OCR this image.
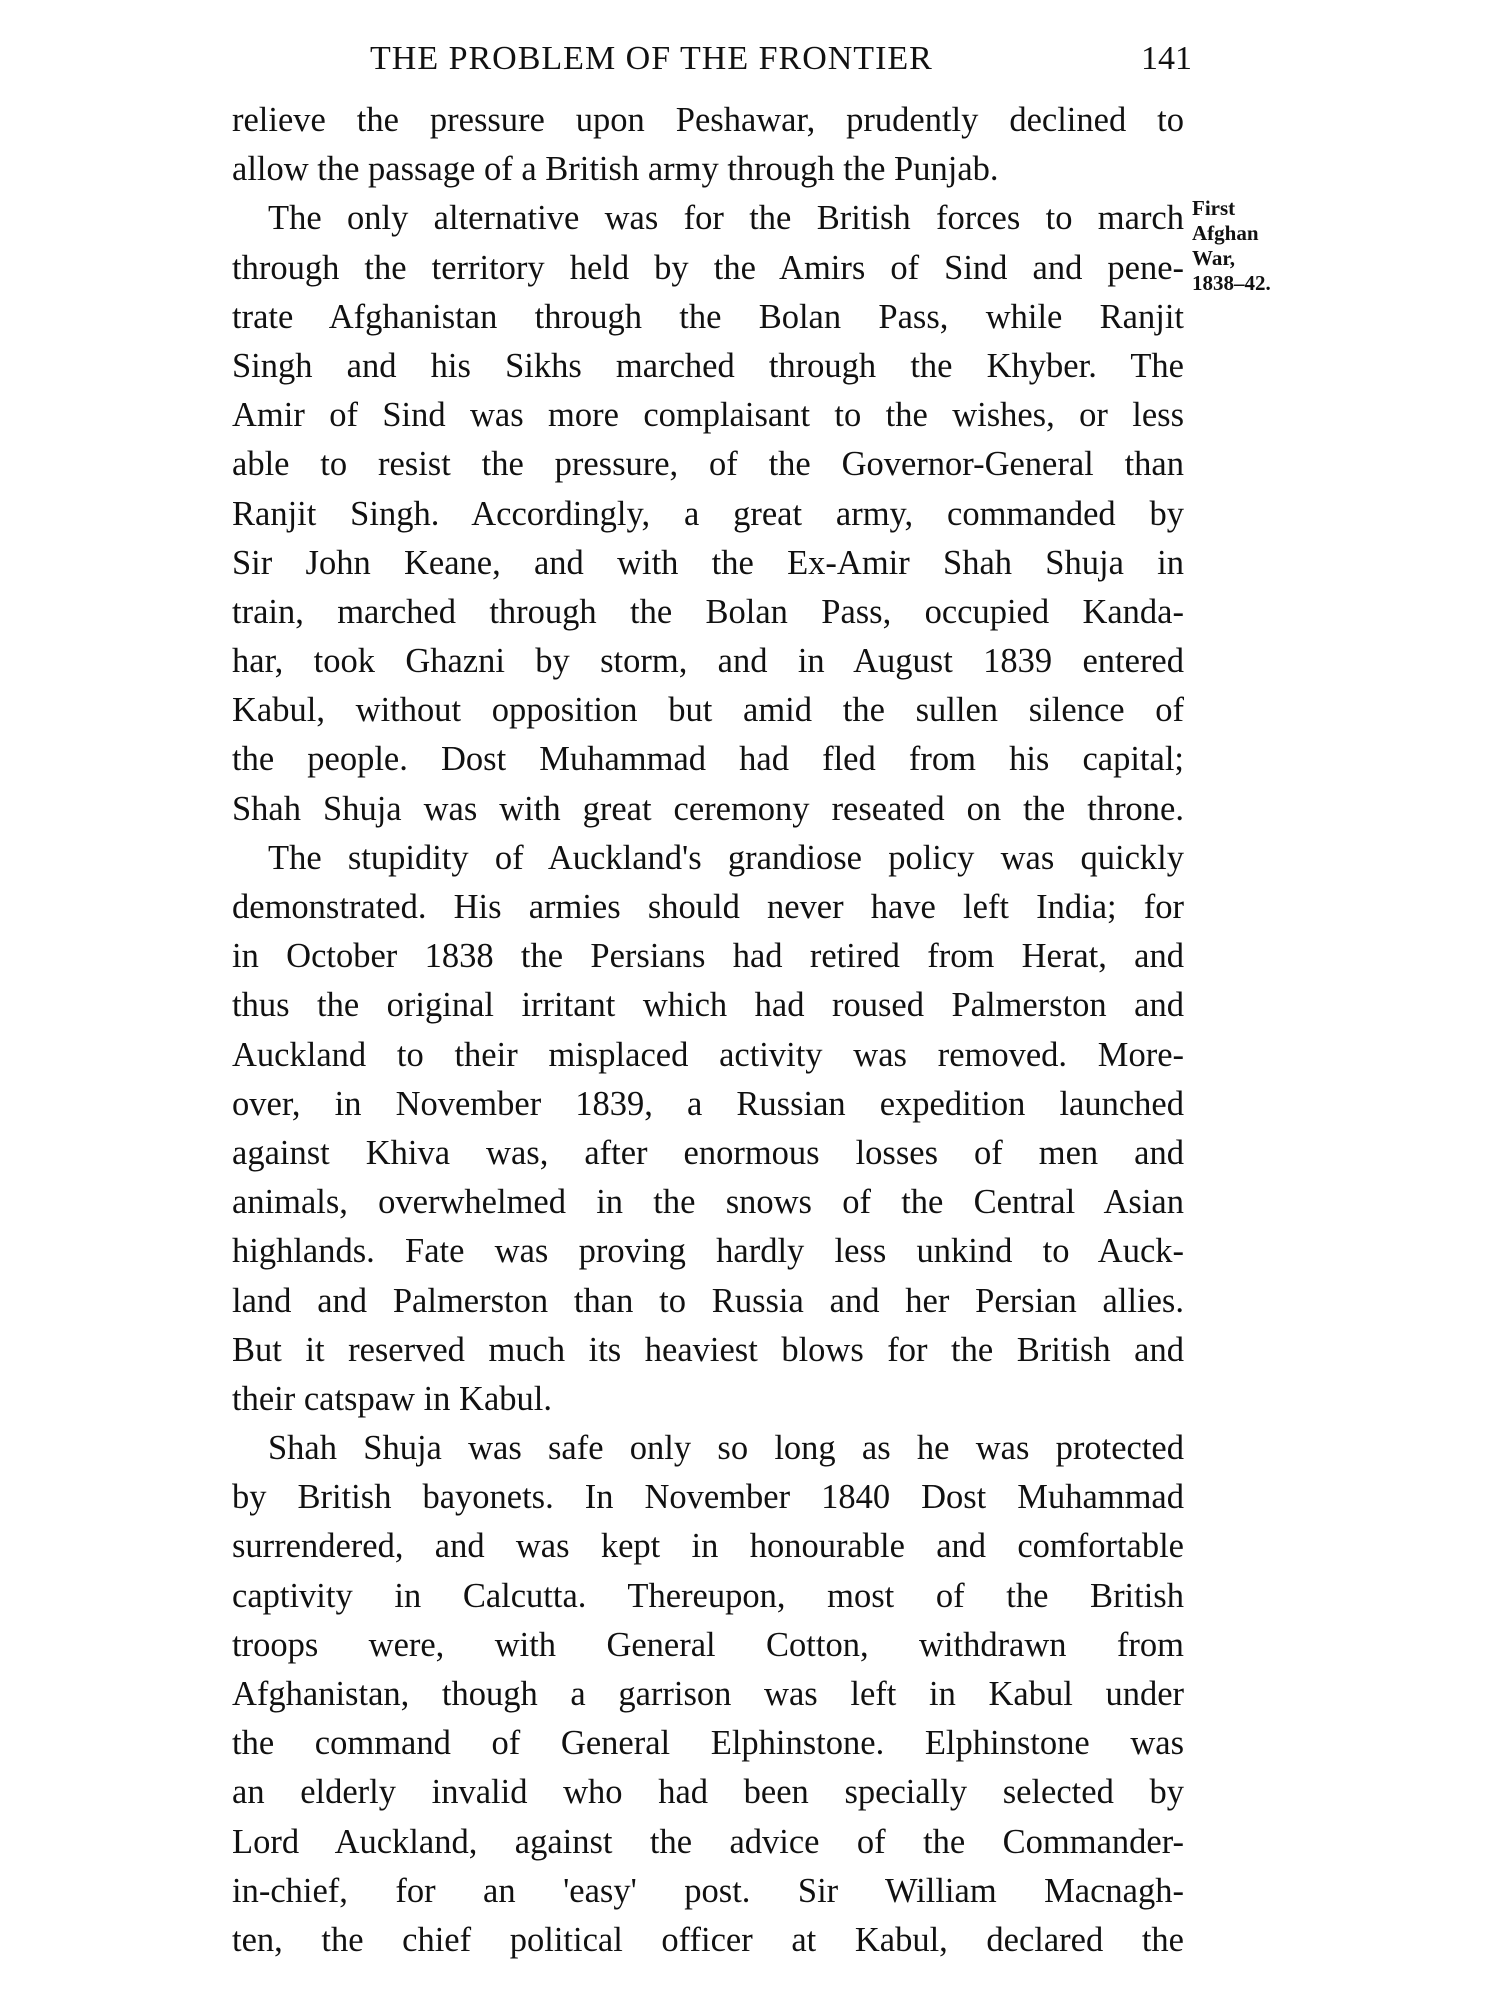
THE PROBLEM OF THE FRONTIER	141
First
Afghan
War,
1838–42.
relieve the pressure upon Peshawar, prudently declined to
allow the passage of a British army through the Punjab.
The only alternative was for the British forces to march
through the territory held by the Amirs of Sind and pene-
trate Afghanistan through the Bolan Pass, while Ranjit
Singh and his Sikhs marched through the Khyber. The
Amir of Sind was more complaisant to the wishes, or less
able to resist the pressure, of the Governor-General than
Ranjit Singh. Accordingly, a great army, commanded by
Sir John Keane, and with the Ex-Amir Shah Shuja in
train, marched through the Bolan Pass, occupied Kanda-
har, took Ghazni by storm, and in August 1839 entered
Kabul, without opposition but amid the sullen silence of
the people. Dost Muhammad had fled from his capital;
Shah Shuja was with great ceremony reseated on the throne.
The stupidity of Auckland's grandiose policy was quickly
demonstrated. His armies should never have left India; for
in October 1838 the Persians had retired from Herat, and
thus the original irritant which had roused Palmerston and
Auckland to their misplaced activity was removed. More-
over, in November 1839, a Russian expedition launched
against Khiva was, after enormous losses of men and
animals, overwhelmed in the snows of the Central Asian
highlands. Fate was proving hardly less unkind to Auck-
land and Palmerston than to Russia and her Persian allies.
But it reserved much its heaviest blows for the British and
their catspaw in Kabul.
Shah Shuja was safe only so long as he was protected
by British bayonets. In November 1840 Dost Muhammad
surrendered, and was kept in honourable and comfortable
captivity in Calcutta. Thereupon, most of the British
troops were, with General Cotton, withdrawn from
Afghanistan, though a garrison was left in Kabul under
the command of General Elphinstone. Elphinstone was
an elderly invalid who had been specially selected by
Lord Auckland, against the advice of the Commander-
in-chief, for an 'easy' post. Sir William Macnagh-
ten, the chief political officer at Kabul, declared the
